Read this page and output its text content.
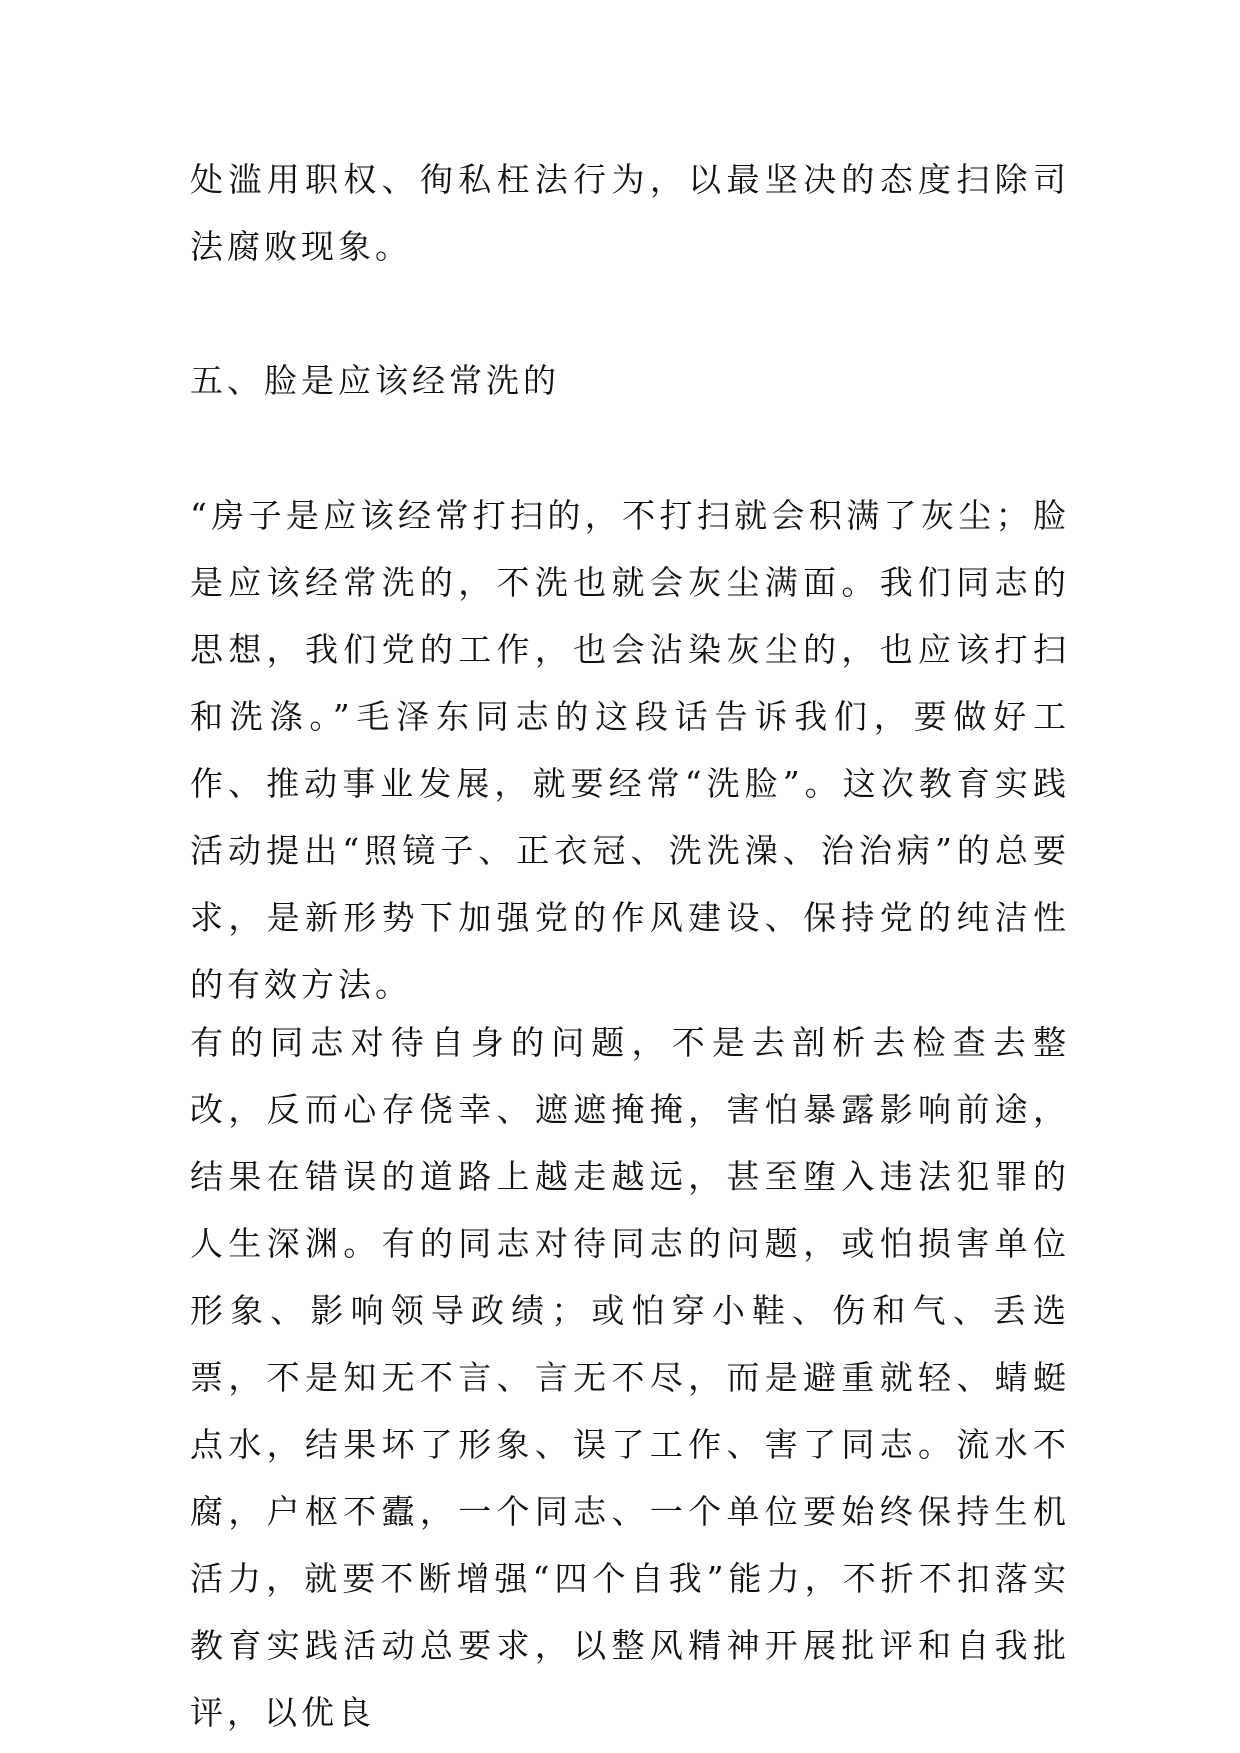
处滥用职权、徇私枉法行为，以最坚决的态度扫除司法腐败现象。

五、脸是应该经常洗的

“房子是应该经常打扫的，不打扫就会积满了灰尘；脸是应该经常洗的，不洗也就会灰尘满面。我们同志的思想，我们党的工作，也会沾染灰尘的，也应该打扫和洗涤。”毛泽东同志的这段话告诉我们，要做好工作、推动事业发展，就要经常“洗脸”。这次教育实践活动提出“照镜子、正衣冠、洗洗澡、治治病”的总要求，是新形势下加强党的作风建设、保持党的纯洁性的有效方法。

有的同志对待自身的问题，不是去剖析去检查去整改，反而心存侥幸、遮遮掩掩，害怕暴露影响前途，结果在错误的道路上越走越远，甚至堕入违法犯罪的人生深渊。有的同志对待同志的问题，或怕损害单位形象、影响领导政绩；或怕穿小鞋、伤和气、丢选票，不是知无不言、言无不尽，而是避重就轻、蜻蜓点水，结果坏了形象、误了工作、害了同志。流水不腐，户枢不蠹，一个同志、一个单位要始终保持生机活力，就要不断增强“四个自我”能力，不折不扣落实教育实践活动总要求，以整风精神开展批评和自我批评，以优良
